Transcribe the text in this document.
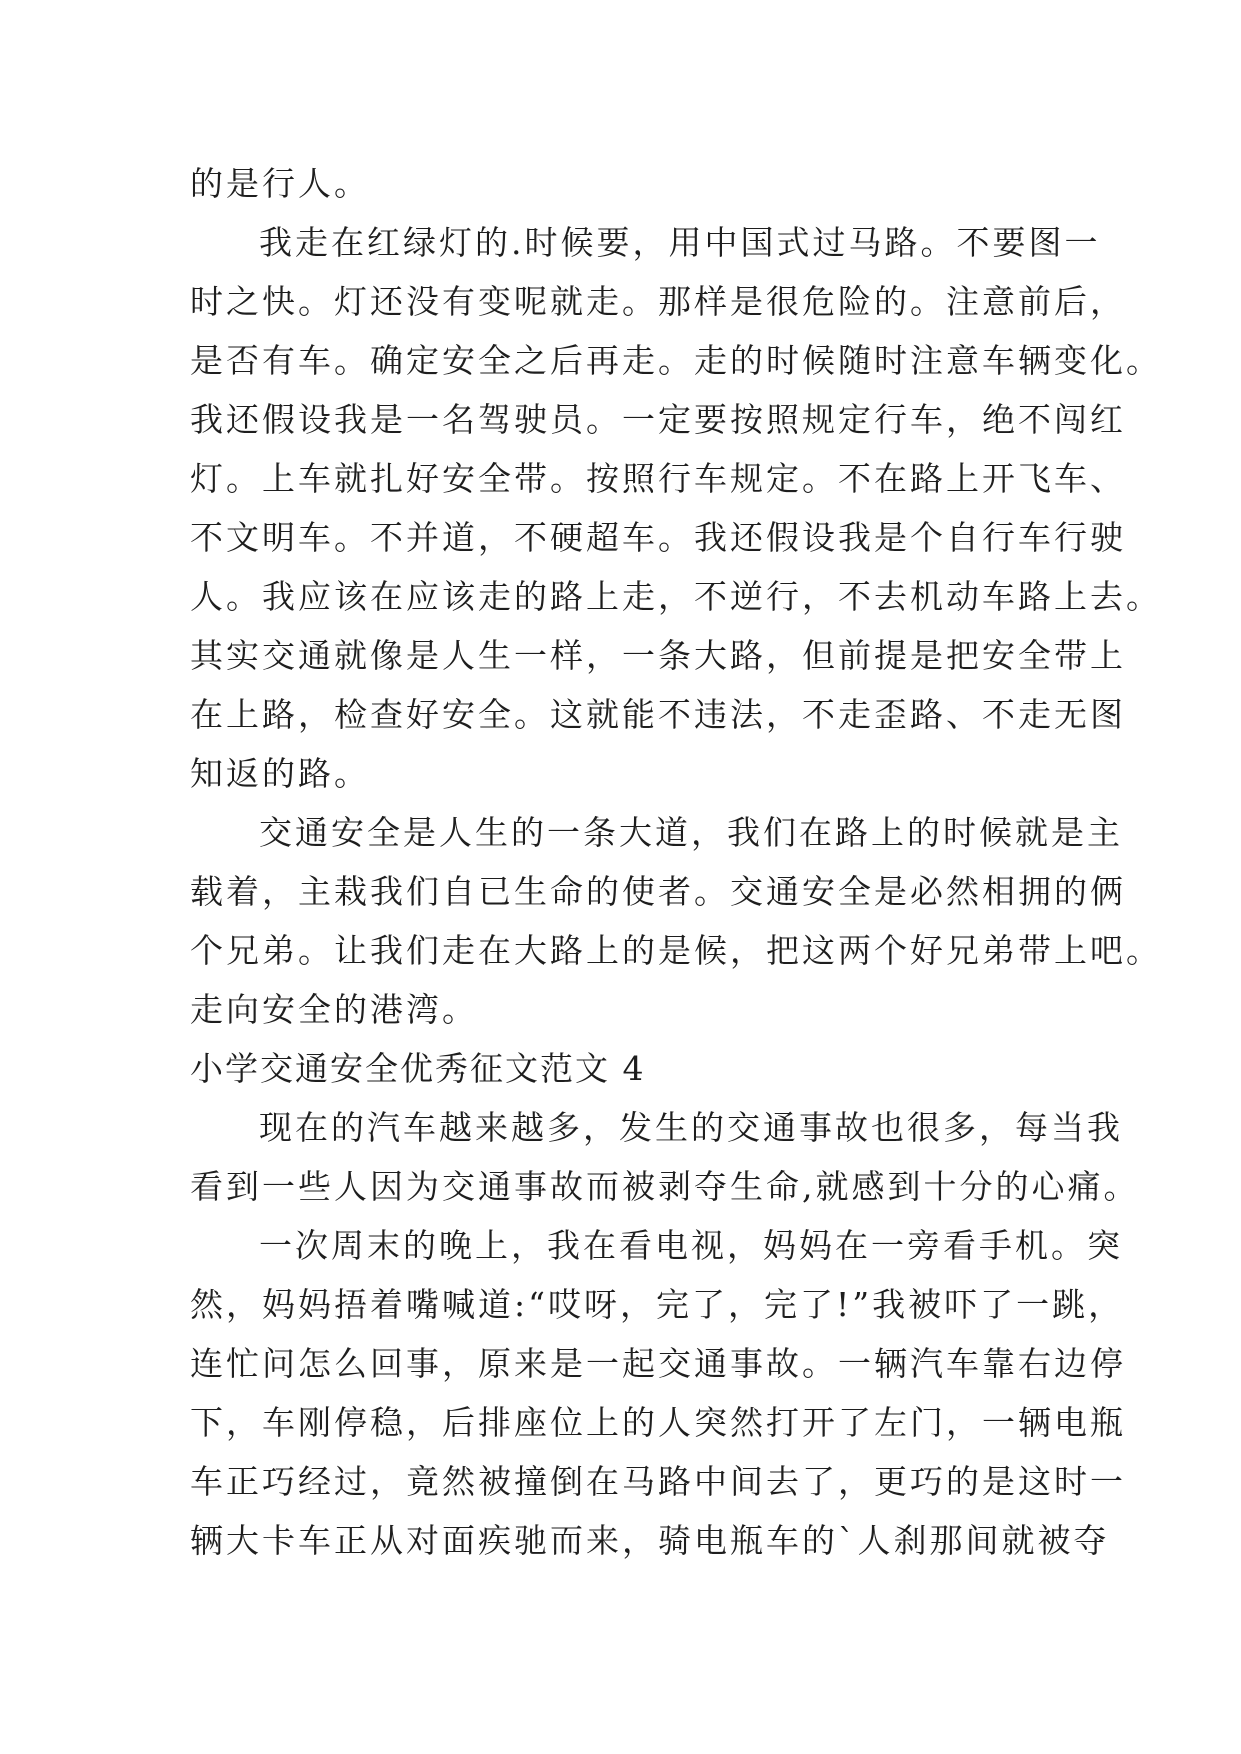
的是行人。
我走在红绿灯的.时候要，用中国式过马路。不要图一
时之快。灯还没有变呢就走。那样是很危险的。注意前后，
是否有车。确定安全之后再走。走的时候随时注意车辆变化。
我还假设我是一名驾驶员。一定要按照规定行车，绝不闯红
灯。上车就扎好安全带。按照行车规定。不在路上开飞车、
不文明车。不并道，不硬超车。我还假设我是个自行车行驶
人。我应该在应该走的路上走，不逆行，不去机动车路上去。
其实交通就像是人生一样，一条大路，但前提是把安全带上
在上路，检查好安全。这就能不违法，不走歪路、不走无图
知返的路。
交通安全是人生的一条大道，我们在路上的时候就是主
载着，主栽我们自已生命的使者。交通安全是必然相拥的俩
个兄弟。让我们走在大路上的是候，把这两个好兄弟带上吧。
走向安全的港湾。
小学交通安全优秀征文范文 4
现在的汽车越来越多，发生的交通事故也很多，每当我
看到一些人因为交通事故而被剥夺生命,就感到十分的心痛。
一次周末的晚上，我在看电视，妈妈在一旁看手机。突
然，妈妈捂着嘴喊道:“哎呀，完了，完了!”我被吓了一跳，
连忙问怎么回事，原来是一起交通事故。一辆汽车靠右边停
下，车刚停稳，后排座位上的人突然打开了左门，一辆电瓶
车正巧经过，竟然被撞倒在马路中间去了，更巧的是这时一
辆大卡车正从对面疾驰而来，骑电瓶车的`人刹那间就被夺
